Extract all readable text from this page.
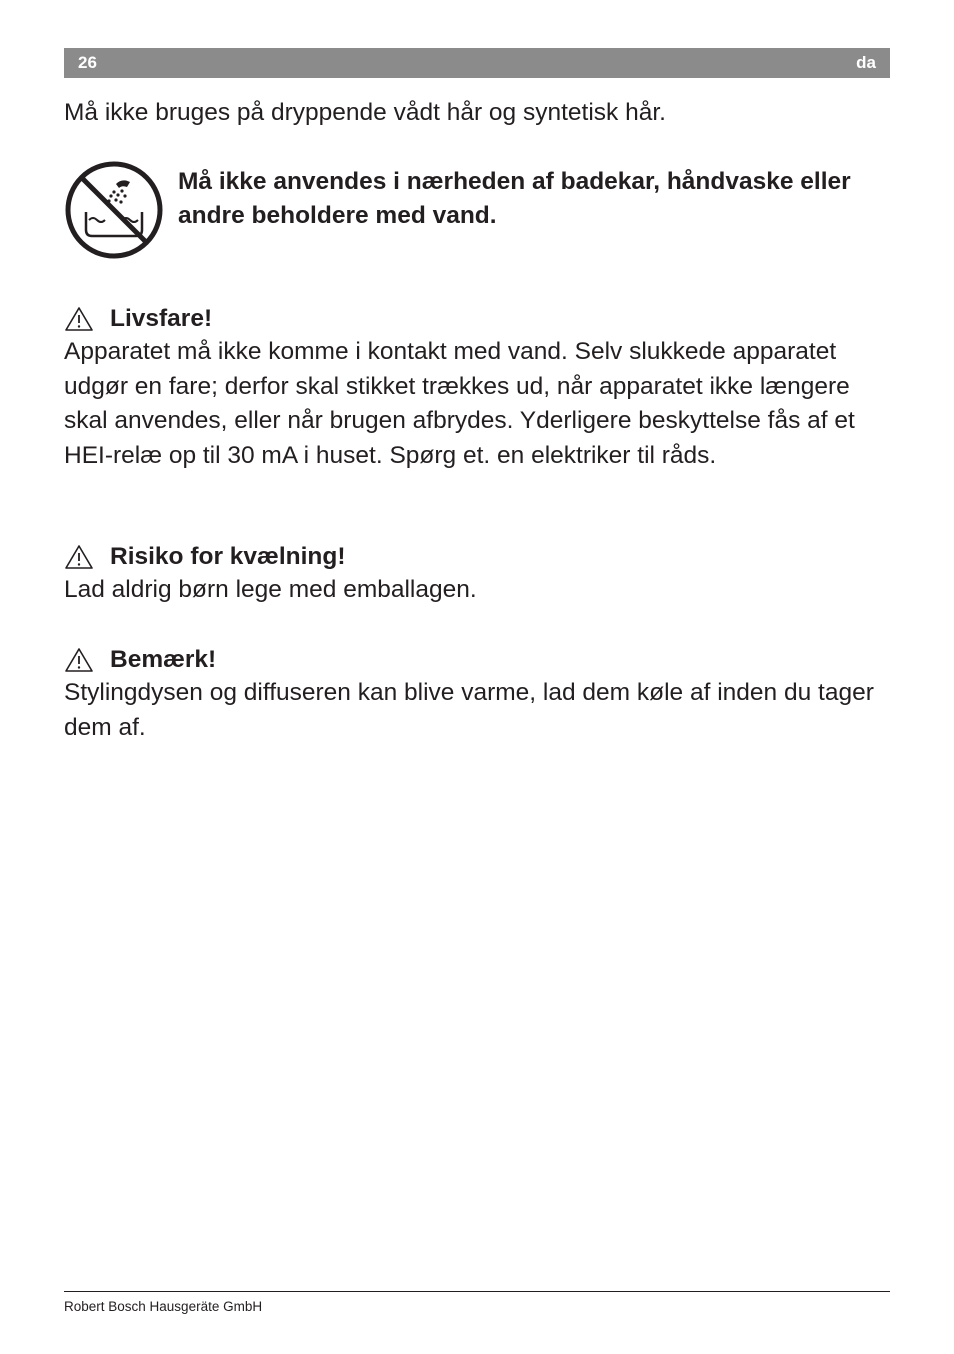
26	da

Må ikke bruges på dryppende vådt hår og syntetisk hår.

Må ikke anvendes i nærheden af badekar, håndvaske eller andre beholdere med vand.

Livsfare!

Apparatet må ikke komme i kontakt med vand. Selv slukkede apparatet udgør en fare; derfor skal stikket trækkes ud, når apparatet ikke længere skal anvendes, eller når brugen afbrydes. Yderligere beskyttelse fås af et HEI-relæ op til 30 mA i huset. Spørg et. en elektriker til råds.

Risiko for kvælning!

Lad aldrig børn lege med emballagen.

Bemærk!

Stylingdysen og diffuseren kan blive varme, lad dem køle af inden du tager dem af.

Robert Bosch Hausgeräte GmbH
